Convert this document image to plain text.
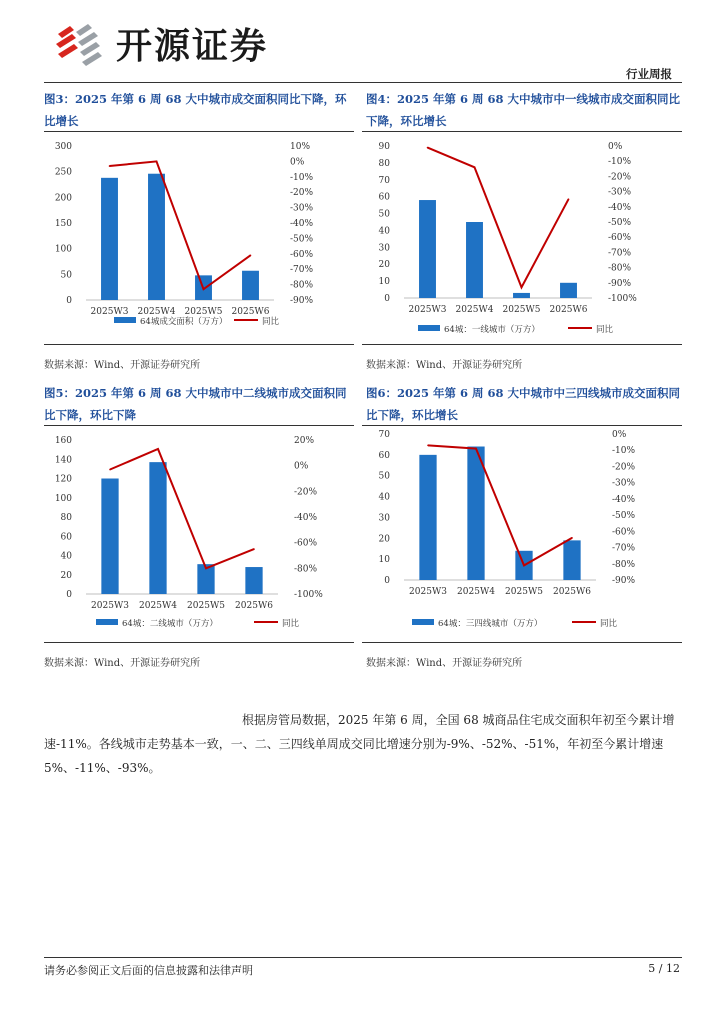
开源证券
行业周报
图3：2025 年第 6 周 68 大中城市成交面积同比下降，环比增长
300
250
200
150
100
50
0
10%
0%
-10%
-20%
-30%
-40%
-50%
-60%
-70%
-80%
-90%
2025W3 2025W4 2025W5 2025W6
64城成交面积（万方）	同比
数据来源：Wind、开源证券研究所
图4：2025 年第 6 周 68 大中城市中一线城市成交面积同比下降，环比增长
90
80
70
60
50
40
30
20
10
0
0%
-10%
-20%
-30%
-40%
-50%
-60%
-70%
-80%
-90%
-100%
2025W3 2025W4 2025W5 2025W6
64城：一线城市（万方）	同比
数据来源：Wind、开源证券研究所
图5：2025 年第 6 周 68 大中城市中二线城市成交面积同比下降，环比下降
160
140
120
100
80
60
40
20
0
20%
0%
-20%
-40%
-60%
-80%
-100%
2025W3 2025W4 2025W5 2025W6
64城：二线城市（万方）	同比
数据来源：Wind、开源证券研究所
图6：2025 年第 6 周 68 大中城市中三四线城市成交面积同比下降，环比增长
70
60
50
40
30
20
10
0
0%
-10%
-20%
-30%
-40%
-50%
-60%
-70%
-80%
-90%
2025W3 2025W4 2025W5 2025W6
64城：三四线城市（万方）	同比
数据来源：Wind、开源证券研究所
根据房管局数据，2025 年第 6 周，全国 68 城商品住宅成交面积年初至今累计增速-11%。各线城市走势基本一致，一、二、三四线单周成交同比增速分别为-9%、-52%、-51%，年初至今累计增速 5%、-11%、-93%。
请务必参阅正文后面的信息披露和法律声明	5 / 12
